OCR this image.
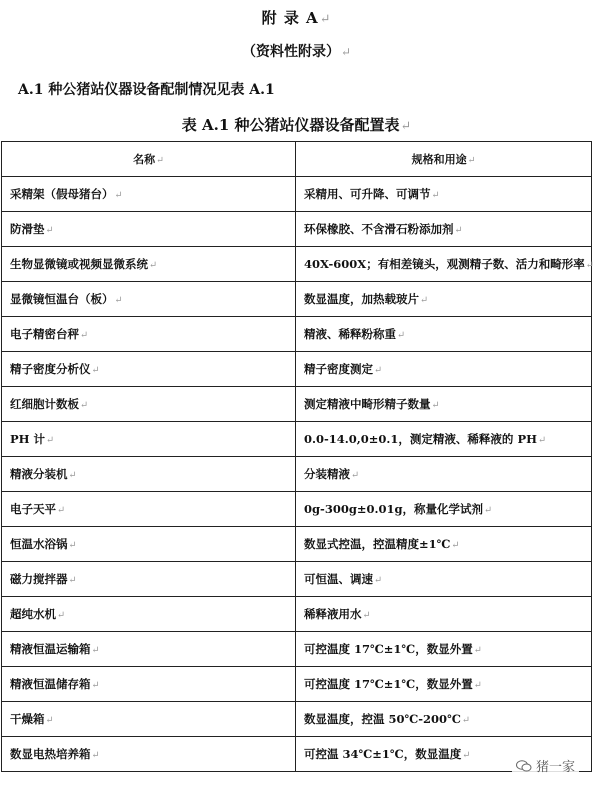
附 录 A↵
（资料性附录）↵
A.1 种公猪站仪器设备配制情况见表 A.1
表 A.1 种公猪站仪器设备配置表↵
名称↵	规格和用途↵
采精架（假母猪台）↵	采精用、可升降、可调节↵
防滑垫↵	环保橡胶、不含滑石粉添加剂↵
生物显微镜或视频显微系统↵	40X-600X；有相差镜头，观测精子数、活力和畸形率↵
显微镜恒温台（板）↵	数显温度，加热载玻片↵
电子精密台秤↵	精液、稀释粉称重↵
精子密度分析仪↵	精子密度测定↵
红细胞计数板↵	测定精液中畸形精子数量↵
PH 计↵	0.0-14.0,0±0.1，测定精液、稀释液的 PH↵
精液分装机↵	分装精液↵
电子天平↵	0g-300g±0.01g，称量化学试剂↵
恒温水浴锅↵	数显式控温，控温精度±1℃↵
磁力搅拌器↵	可恒温、调速↵
超纯水机↵	稀释液用水↵
精液恒温运输箱↵	可控温度 17℃±1℃，数显外置↵
精液恒温储存箱↵	可控温度 17℃±1℃，数显外置↵
干燥箱↵	数显温度，控温 50℃-200℃↵
数显电热培养箱↵	可控温 34℃±1℃，数显温度↵
猪一家
